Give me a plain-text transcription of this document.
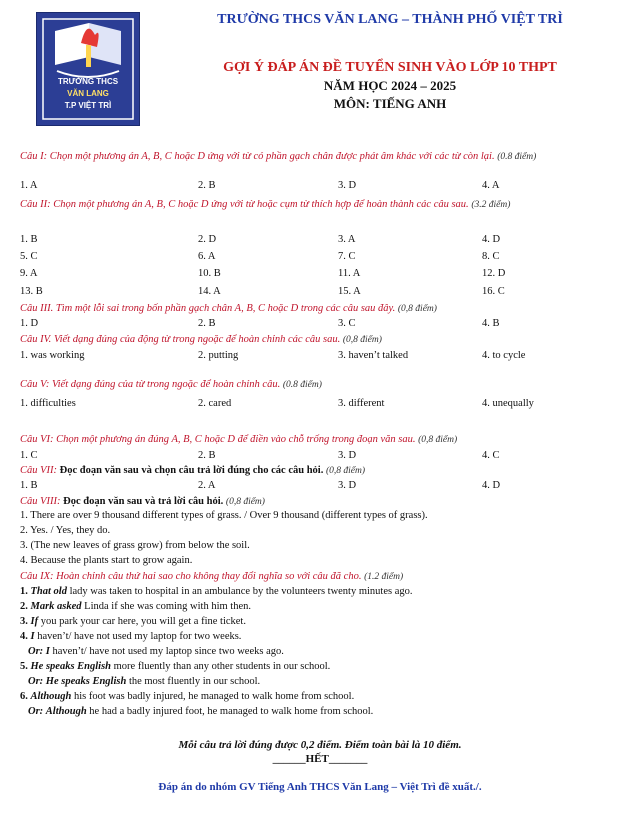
TRƯỜNG THCS
VĂN LANG
T.P VIỆT TRÌ
TRƯỜNG THCS VĂN LANG – THÀNH PHỐ VIỆT TRÌ
GỢI Ý ĐÁP ÁN ĐỀ TUYỂN SINH VÀO LỚP 10 THPT
NĂM HỌC 2024 – 2025
MÔN: TIẾNG ANH
Câu I: Chọn một phương án A, B, C hoặc D ứng với từ có phần gạch chân được phát âm khác với các từ còn lại. (0.8 điểm)
1. A	2. B	3. D	4. A
Câu II: Chọn một phương án A, B, C hoặc D ứng với từ hoặc cụm từ thích hợp để hoàn thành các câu sau. (3.2 điểm)
1. B	2. D	3. A	4. D
5. C	6. A	7. C	8. C
9. A	10. B	11. A	12. D
13. B	14. A	15. A	16. C
Câu III. Tìm một lỗi sai trong bốn phần gạch chân A, B, C hoặc D trong các câu sau đây. (0,8 điểm)
1. D	2. B	3. C	4. B
Câu IV. Viết dạng đúng của động từ trong ngoặc để hoàn chỉnh các câu sau. (0,8 điểm)
1. was working	2. putting	3. haven’t talked	4. to cycle
Câu V: Viết dạng đúng của từ trong ngoặc để hoàn chỉnh câu. (0.8 điểm)
1. difficulties	2. cared	3. different	4. unequally
Câu VI: Chọn một phương án đúng A, B, C hoặc D để điền vào chỗ trống trong đoạn văn sau. (0,8 điểm)
1. C	2. B	3. D	4. C
Câu VII: Đọc đoạn văn sau và chọn câu trả lời đúng cho các câu hỏi. (0,8 điểm)
1. B	2. A	3. D	4. D
Câu VIII: Đọc đoạn văn sau và trả lời câu hỏi. (0,8 điểm)
1. There are over 9 thousand different types of grass. / Over 9 thousand (different types of grass).
2. Yes. / Yes, they do.
3. (The new leaves of grass grow) from below the soil.
4. Because the plants start to grow again.
Câu IX: Hoàn chỉnh câu thứ hai sao cho không thay đổi nghĩa so với câu đã cho. (1.2 điểm)
1. That old lady was taken to hospital in an ambulance by the volunteers twenty minutes ago.
2. Mark asked Linda if she was coming with him then.
3. If you park your car here, you will get a fine ticket.
4. I haven’t/ have not used my laptop for two weeks.
Or: I haven’t/ have not used my laptop since two weeks ago.
5. He speaks English more fluently than any other students in our school.
Or: He speaks English the most fluently in our school.
6. Although his foot was badly injured, he managed to walk home from school.
Or: Although he had a badly injured foot, he managed to walk home from school.
Mỗi câu trả lời đúng được 0,2 điểm. Điểm toàn bài là 10 điểm.
______HẾT_______
Đáp án do nhóm GV Tiếng Anh THCS Văn Lang – Việt Trì đề xuất./.
